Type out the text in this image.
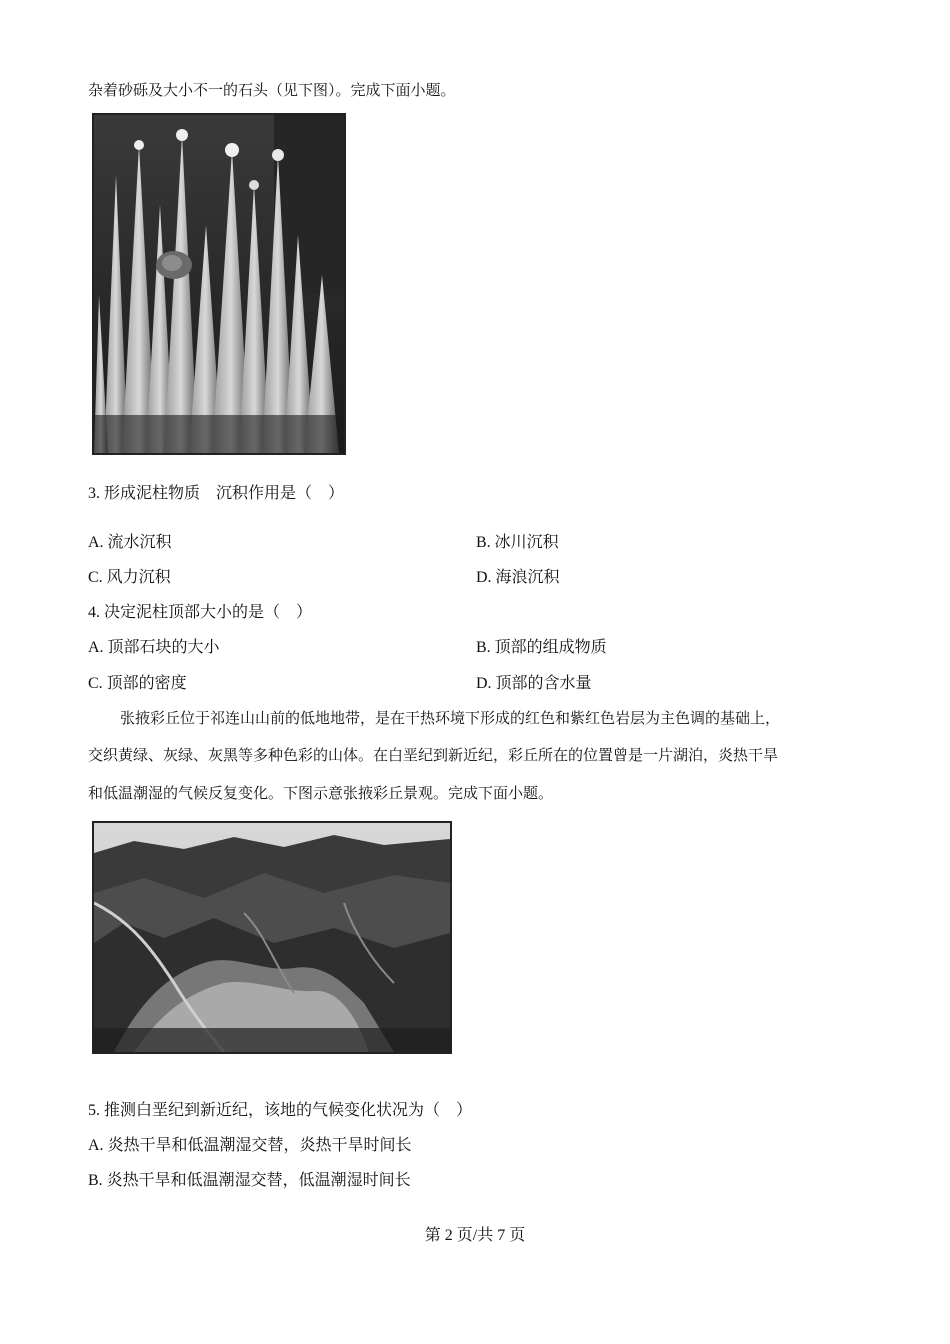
杂着砂砾及大小不一的石头（见下图）。完成下面小题。
3. 形成泥柱物质　沉积作用是（　）
A. 流水沉积	B. 冰川沉积
C. 风力沉积	D. 海浪沉积
4. 决定泥柱顶部大小的是（　）
A. 顶部石块的大小	B. 顶部的组成物质
C. 顶部的密度	D. 顶部的含水量
张掖彩丘位于祁连山山前的低地地带，是在干热环境下形成的红色和紫红色岩层为主色调的基础上，
交织黄绿、灰绿、灰黑等多种色彩的山体。在白垩纪到新近纪，彩丘所在的位置曾是一片湖泊，炎热干旱
和低温潮湿的气候反复变化。下图示意张掖彩丘景观。完成下面小题。
5. 推测白垩纪到新近纪，该地的气候变化状况为（　）
A. 炎热干旱和低温潮湿交替，炎热干旱时间长
B. 炎热干旱和低温潮湿交替，低温潮湿时间长
第 2 页/共 7 页
